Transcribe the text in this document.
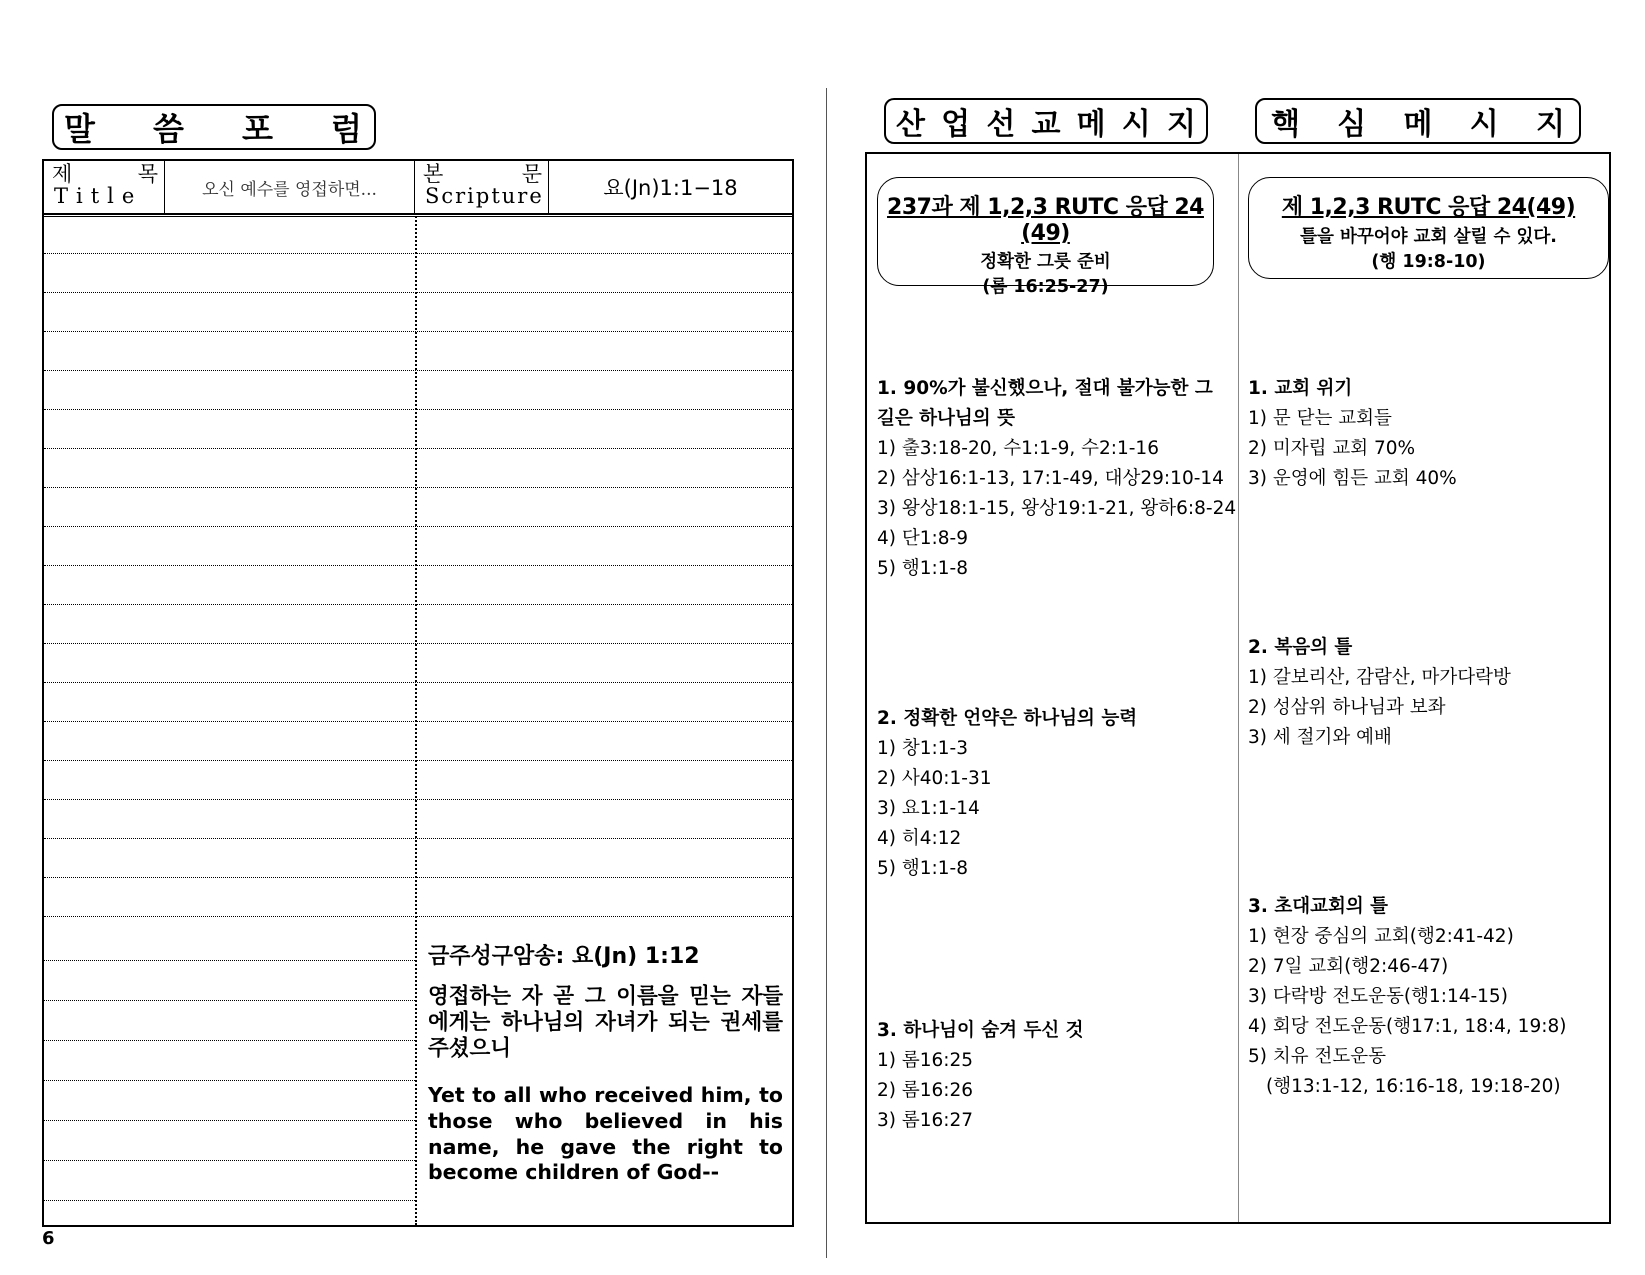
말 씀 포 럼
제	목
Title	오신 예수를 영접하면...
본	문
Scripture	요(Jn)1:1−18
금주성구암송: 요(Jn) 1:12
영접하는 자 곧 그 이름을 믿는 자들에게는 하나님의 자녀가 되는 권세를 주셨으니
Yet to all who received him, to those who believed in his name, he gave the right to become children of God--
6
산 업 선 교 메 시 지	핵 심 메 시 지
237과 제 1,2,3 RUTC 응답 24 (49)
정확한 그릇 준비
(롬 16:25-27)
제 1,2,3 RUTC 응답 24(49)
틀을 바꾸어야 교회 살릴 수 있다.
(행 19:8-10)
1. 90%가 불신했으나, 절대 불가능한 그 길은 하나님의 뜻
1) 출3:18-20, 수1:1-9, 수2:1-16
2) 삼상16:1-13, 17:1-49, 대상29:10-14
3) 왕상18:1-15, 왕상19:1-21, 왕하6:8-24
4) 단1:8-9
5) 행1:1-8
2. 정확한 언약은 하나님의 능력
1) 창1:1-3
2) 사40:1-31
3) 요1:1-14
4) 히4:12
5) 행1:1-8
3. 하나님이 숨겨 두신 것
1) 롬16:25
2) 롬16:26
3) 롬16:27
1. 교회 위기
1) 문 닫는 교회들
2) 미자립 교회 70%
3) 운영에 힘든 교회 40%
2. 복음의 틀
1) 갈보리산, 감람산, 마가다락방
2) 성삼위 하나님과 보좌
3) 세 절기와 예배
3. 초대교회의 틀
1) 현장 중심의 교회(행2:41-42)
2) 7일 교회(행2:46-47)
3) 다락방 전도운동(행1:14-15)
4) 회당 전도운동(행17:1, 18:4, 19:8)
5) 치유 전도운동
(행13:1-12, 16:16-18, 19:18-20)
